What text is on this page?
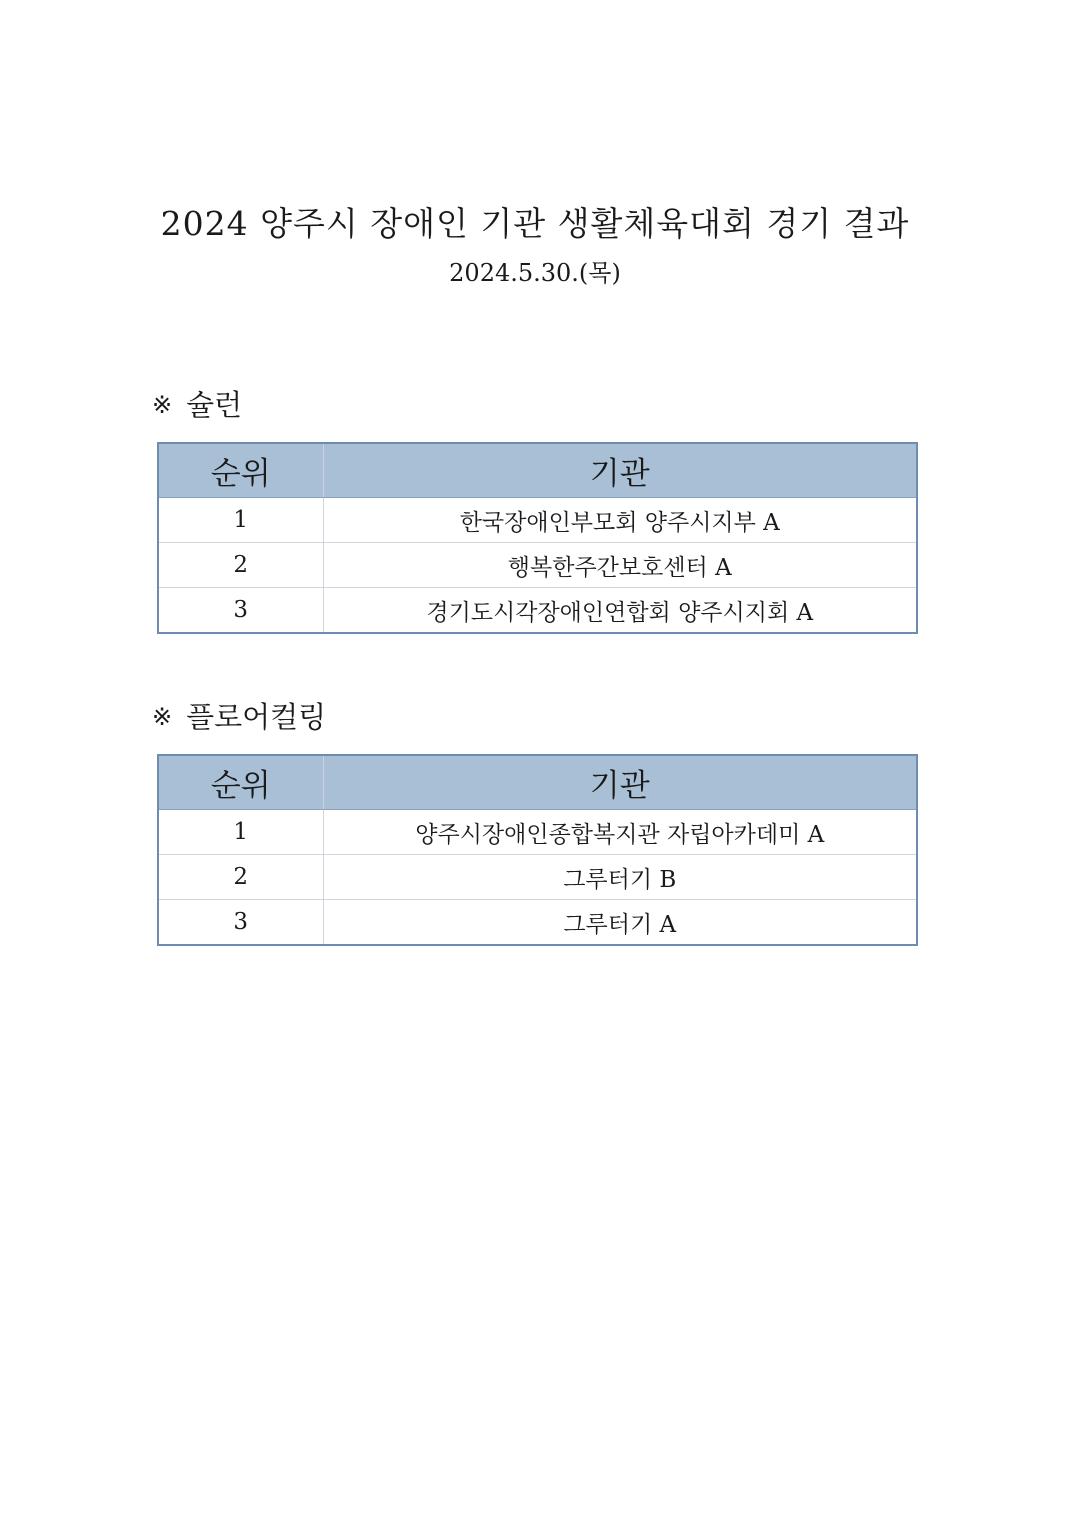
2024 양주시 장애인 기관 생활체육대회 경기 결과
2024.5.30.(목)
※ 슐런
순위	기관
1	한국장애인부모회 양주시지부 A
2	행복한주간보호센터 A
3	경기도시각장애인연합회 양주시지회 A
※ 플로어컬링
순위	기관
1	양주시장애인종합복지관 자립아카데미 A
2	그루터기 B
3	그루터기 A
